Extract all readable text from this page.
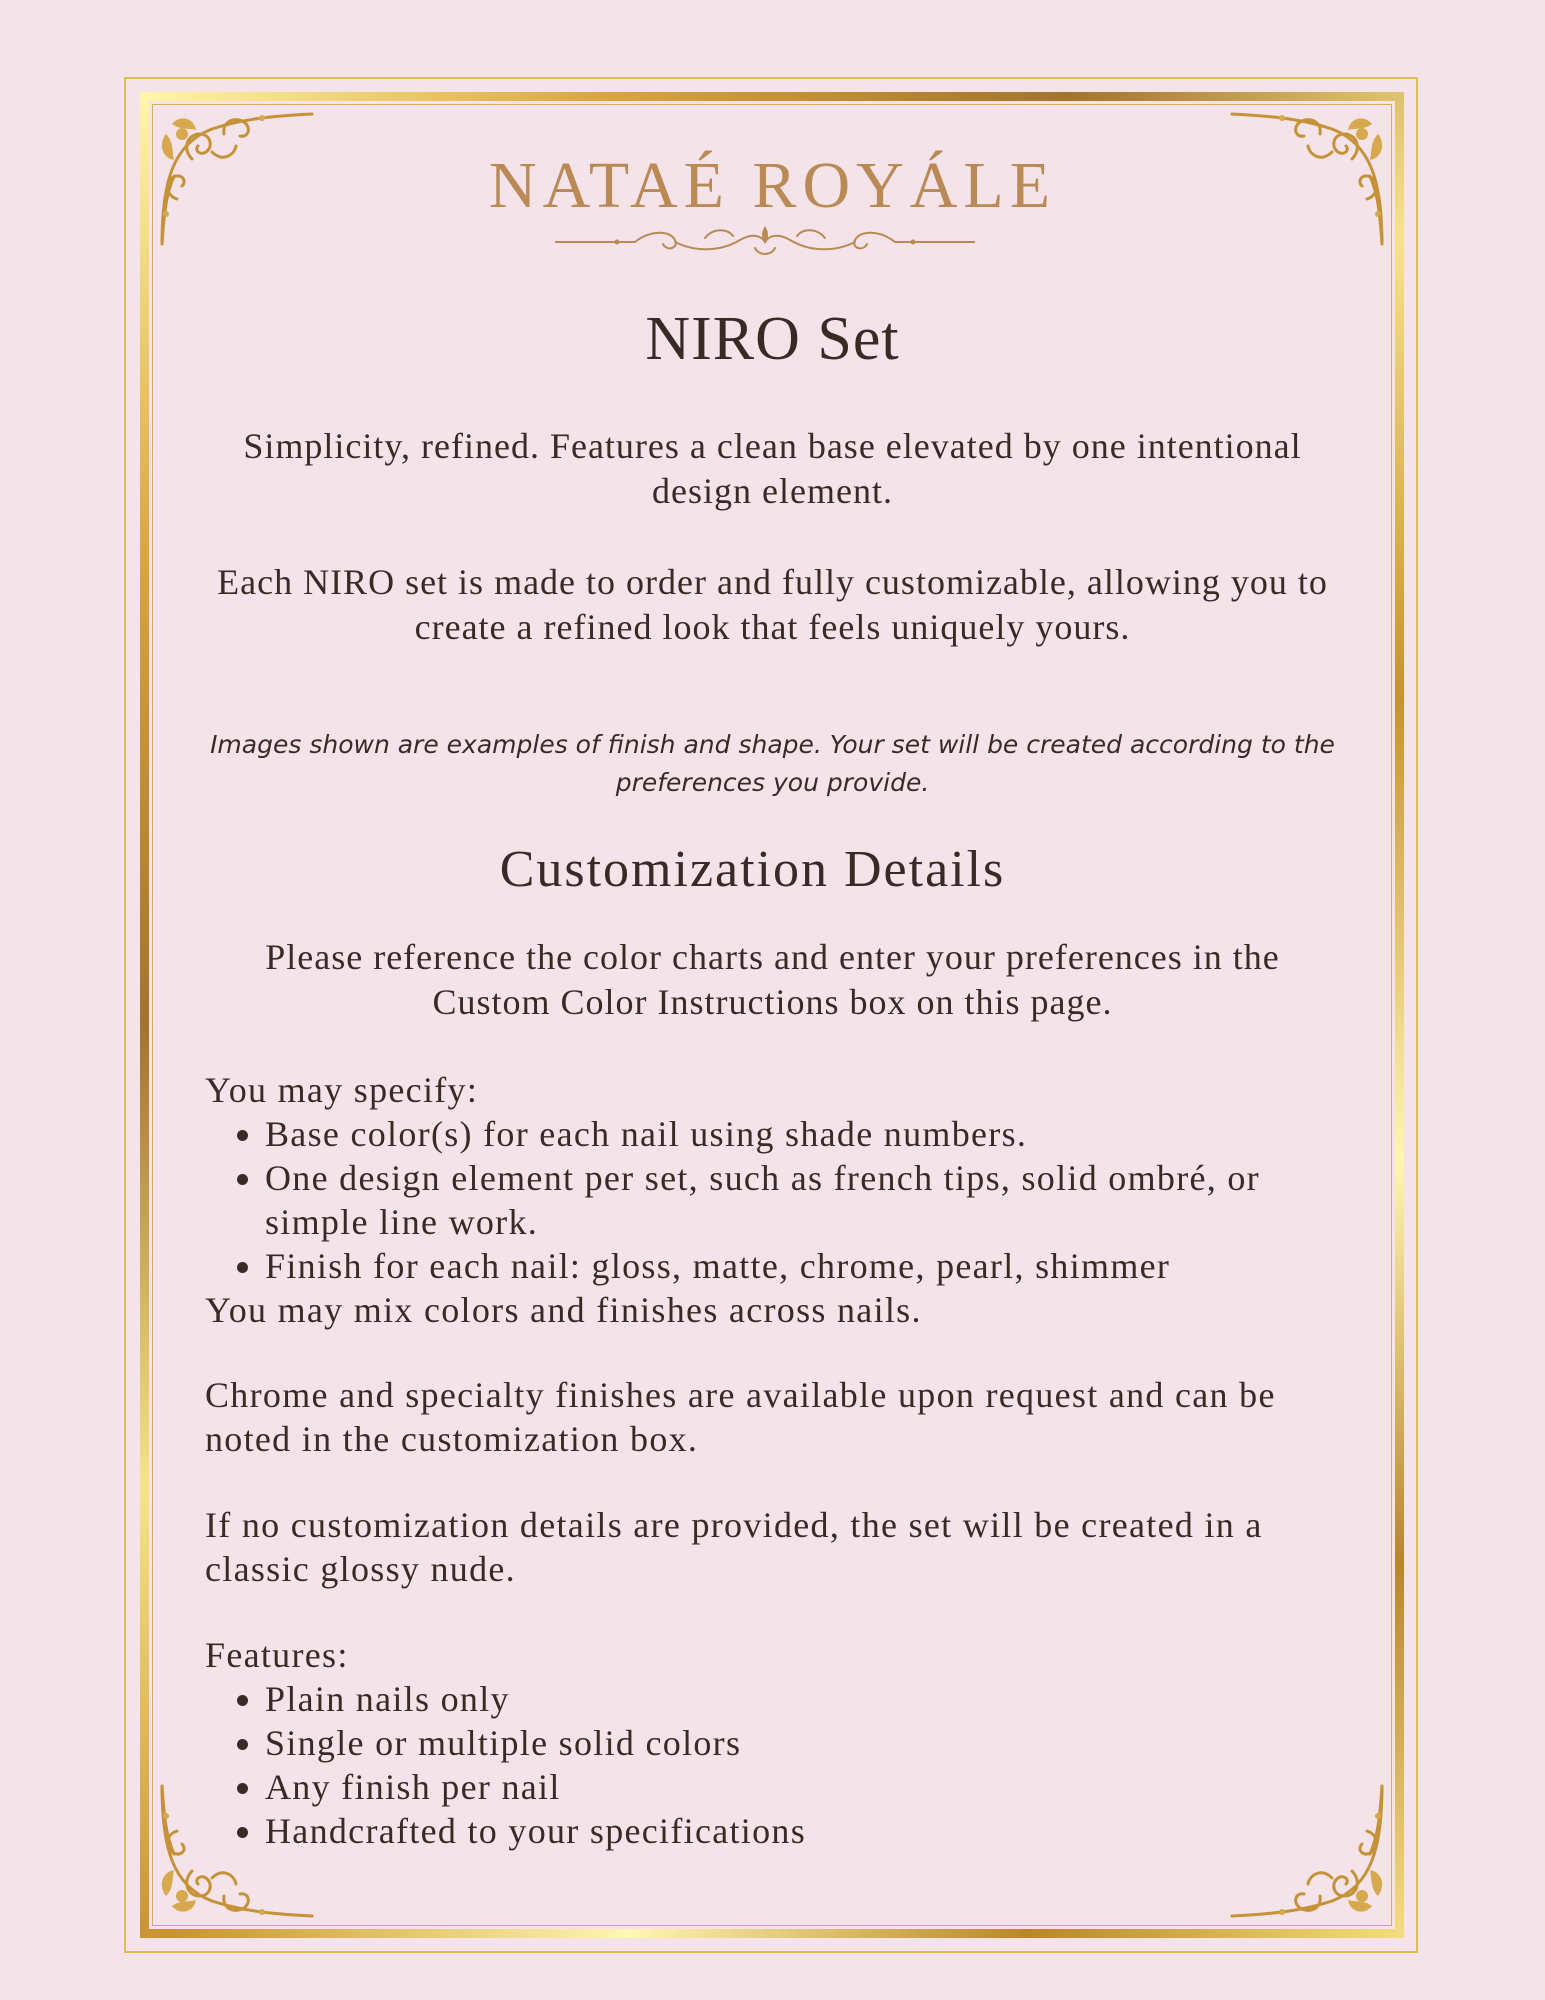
NATAÉ ROYÁLE
NIRO Set
Simplicity, refined. Features a clean base elevated by one intentional design element.
Each NIRO set is made to order and fully customizable, allowing you to create a refined look that feels uniquely yours.
Images shown are examples of finish and shape. Your set will be created according to the preferences you provide.
Customization Details
Please reference the color charts and enter your preferences in the Custom Color Instructions box on this page.

You may specify:

• Base color(s) for each nail using shade numbers.
• One design element per set, such as french tips, solid ombré, or simple line work.
• Finish for each nail: gloss, matte, chrome, pearl, shimmer

You may mix colors and finishes across nails.

Chrome and specialty finishes are available upon request and can be noted in the customization box.
If no customization details are provided, the set will be created in a classic glossy nude.

Features:

• Plain nails only
• Single or multiple solid colors
• Any finish per nail
• Handcrafted to your specifications
